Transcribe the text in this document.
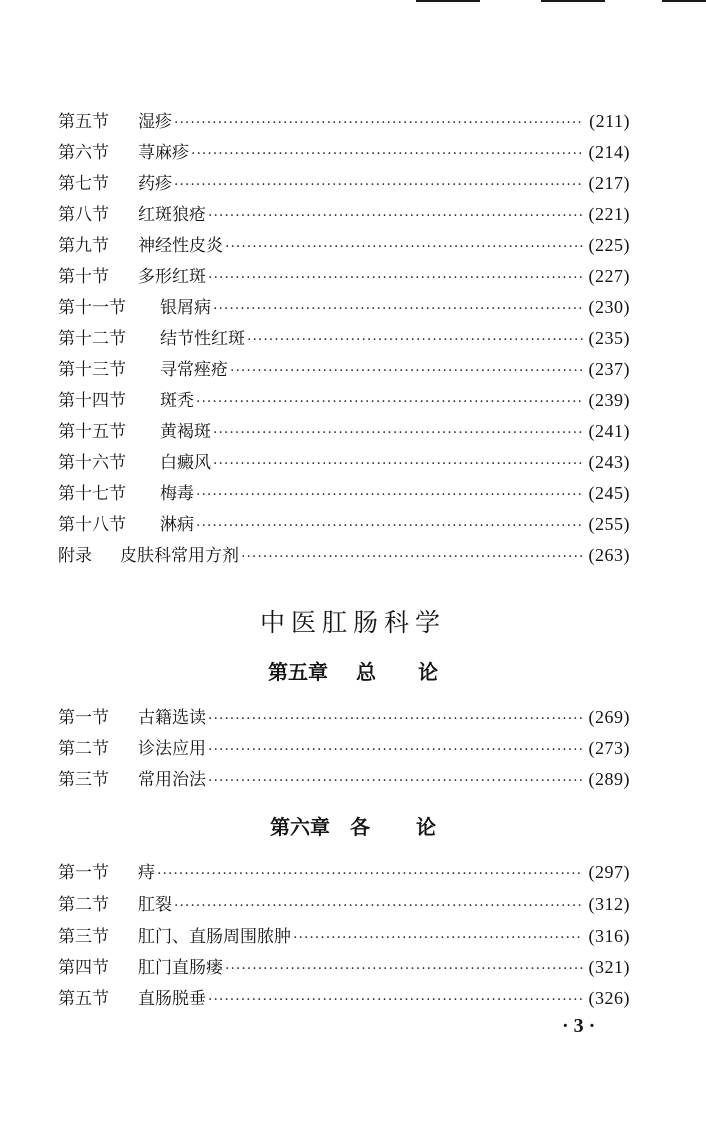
第五节	湿疹 ·····	(211)
第六节	荨麻疹 ·····	(214)
第七节	药疹 ·····	(217)
第八节	红斑狼疮 ·····	(221)
第九节	神经性皮炎 ·····	(225)
第十节	多形红斑 ·····	(227)
第十一节	银屑病 ·····	(230)
第十二节	结节性红斑 ·····	(235)
第十三节	寻常痤疮 ·····	(237)
第十四节	斑秃 ·····	(239)
第十五节	黄褐斑 ·····	(241)
第十六节	白癜风 ·····	(243)
第十七节	梅毒 ·····	(245)
第十八节	淋病 ·····	(255)
附录	皮肤科常用方剂 ·····	(263)
中医肛肠科学
第五章 总 论
第一节	古籍选读 ·····	(269)
第二节	诊法应用 ·····	(273)
第三节	常用治法 ·····	(289)
第六章 各 论
第一节	痔 ·····	(297)
第二节	肛裂 ·····	(312)
第三节	肛门、直肠周围脓肿 ·····	(316)
第四节	肛门直肠瘘 ·····	(321)
第五节	直肠脱垂 ·····	(326)
· 3 ·
